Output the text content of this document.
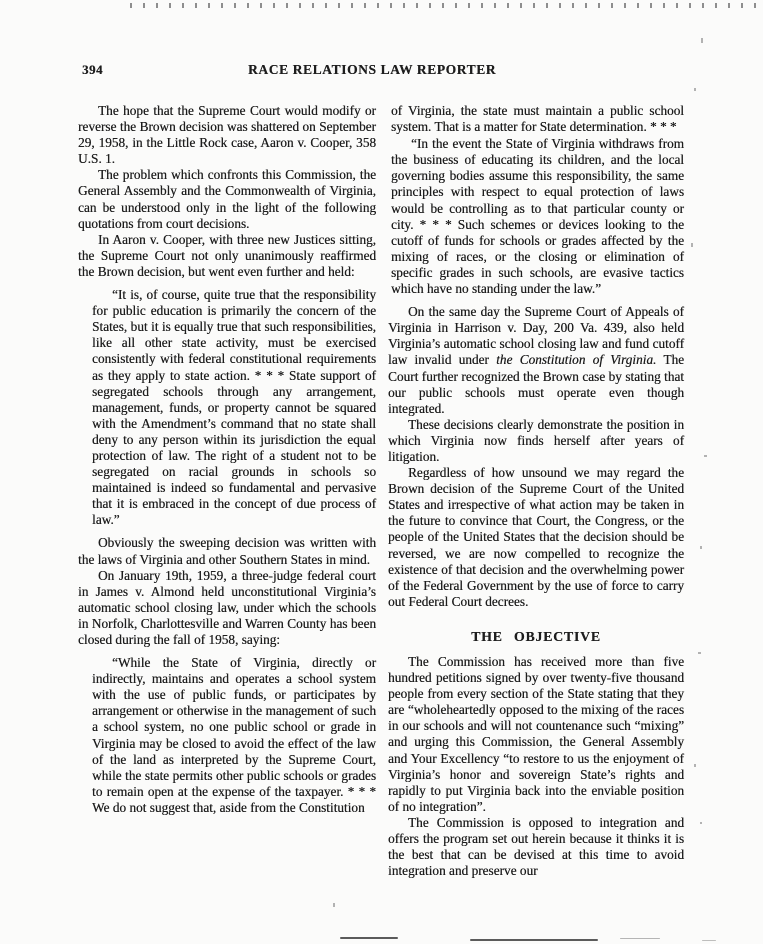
394	RACE RELATIONS LAW REPORTER

The hope that the Supreme Court would modify or reverse the Brown decision was shattered on September 29, 1958, in the Little Rock case, Aaron v. Cooper, 358 U.S. 1.

The problem which confronts this Commission, the General Assembly and the Commonwealth of Virginia, can be understood only in the light of the following quotations from court decisions.

In Aaron v. Cooper, with three new Justices sitting, the Supreme Court not only unanimously reaffirmed the Brown decision, but went even further and held:

“It is, of course, quite true that the responsibility for public education is primarily the concern of the States, but it is equally true that such responsibilities, like all other state activity, must be exercised consistently with federal constitutional requirements as they apply to state action. * * * State support of segregated schools through any arrangement, management, funds, or property cannot be squared with the Amendment’s command that no state shall deny to any person within its jurisdiction the equal protection of law. The right of a student not to be segregated on racial grounds in schools so maintained is indeed so fundamental and pervasive that it is embraced in the concept of due process of law.”

Obviously the sweeping decision was written with the laws of Virginia and other Southern States in mind.

On January 19th, 1959, a three-judge federal court in James v. Almond held unconstitutional Virginia’s automatic school closing law, under which the schools in Norfolk, Charlottesville and Warren County has been closed during the fall of 1958, saying:

“While the State of Virginia, directly or indirectly, maintains and operates a school system with the use of public funds, or participates by arrangement or otherwise in the management of such a school system, no one public school or grade in Virginia may be closed to avoid the effect of the law of the land as interpreted by the Supreme Court, while the state permits other public schools or grades to remain open at the expense of the taxpayer. * * * We do not suggest that, aside from the Constitution

of Virginia, the state must maintain a public school system. That is a matter for State determination. * * *

“In the event the State of Virginia withdraws from the business of educating its children, and the local governing bodies assume this responsibility, the same principles with respect to equal protection of laws would be controlling as to that particular county or city. * * * Such schemes or devices looking to the cutoff of funds for schools or grades affected by the mixing of races, or the closing or elimination of specific grades in such schools, are evasive tactics which have no standing under the law.”

On the same day the Supreme Court of Appeals of Virginia in Harrison v. Day, 200 Va. 439, also held Virginia’s automatic school closing law and fund cutoff law invalid under the Constitution of Virginia. The Court further recognized the Brown case by stating that our public schools must operate even though integrated.

These decisions clearly demonstrate the position in which Virginia now finds herself after years of litigation.

Regardless of how unsound we may regard the Brown decision of the Supreme Court of the United States and irrespective of what action may be taken in the future to convince that Court, the Congress, or the people of the United States that the decision should be reversed, we are now compelled to recognize the existence of that decision and the overwhelming power of the Federal Government by the use of force to carry out Federal Court decrees.

THE OBJECTIVE

The Commission has received more than five hundred petitions signed by over twenty-five thousand people from every section of the State stating that they are “wholeheartedly opposed to the mixing of the races in our schools and will not countenance such “mixing” and urging this Commission, the General Assembly and Your Excellency “to restore to us the enjoyment of Virginia’s honor and sovereign State’s rights and rapidly to put Virginia back into the enviable position of no integration”.

The Commission is opposed to integration and offers the program set out herein because it thinks it is the best that can be devised at this time to avoid integration and preserve our
